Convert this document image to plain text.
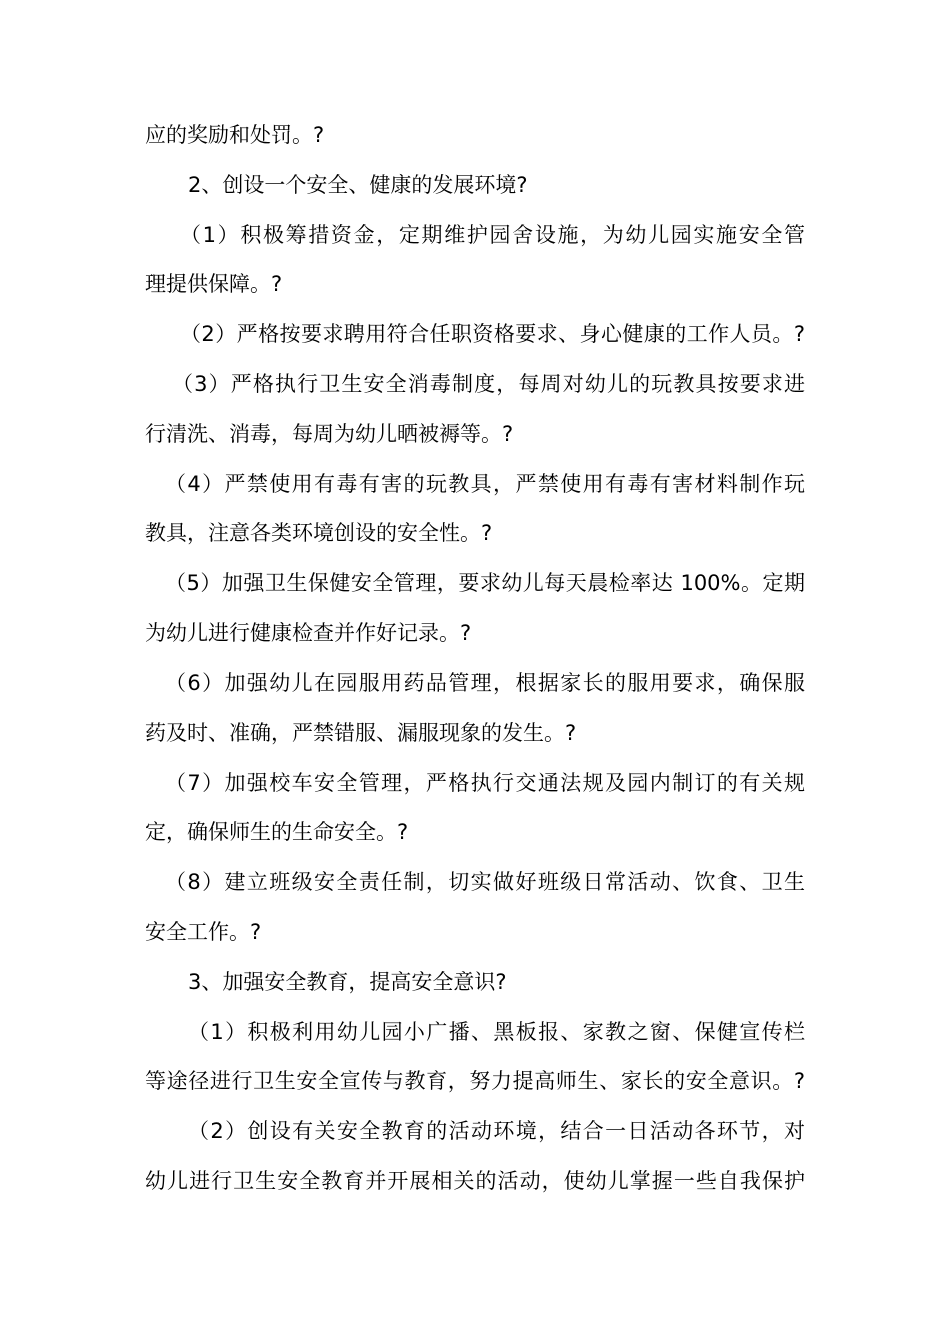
应的奖励和处罚。?
2、创设一个安全、健康的发展环境?
（1）积极筹措资金，定期维护园舍设施，为幼儿园实施安全管
理提供保障。?
（2）严格按要求聘用符合任职资格要求、身心健康的工作人员。?
（3）严格执行卫生安全消毒制度，每周对幼儿的玩教具按要求进
行清洗、消毒，每周为幼儿晒被褥等。?
（4）严禁使用有毒有害的玩教具，严禁使用有毒有害材料制作玩
教具，注意各类环境创设的安全性。?
（5）加强卫生保健安全管理，要求幼儿每天晨检率达 100%。定期
为幼儿进行健康检查并作好记录。?
（6）加强幼儿在园服用药品管理，根据家长的服用要求，确保服
药及时、准确，严禁错服、漏服现象的发生。?
（7）加强校车安全管理，严格执行交通法规及园内制订的有关规
定，确保师生的生命安全。?
（8）建立班级安全责任制，切实做好班级日常活动、饮食、卫生
安全工作。?
3、加强安全教育，提高安全意识?
（1）积极利用幼儿园小广播、黑板报、家教之窗、保健宣传栏
等途径进行卫生安全宣传与教育，努力提高师生、家长的安全意识。?
（2）创设有关安全教育的活动环境，结合一日活动各环节，对
幼儿进行卫生安全教育并开展相关的活动，使幼儿掌握一些自我保护
